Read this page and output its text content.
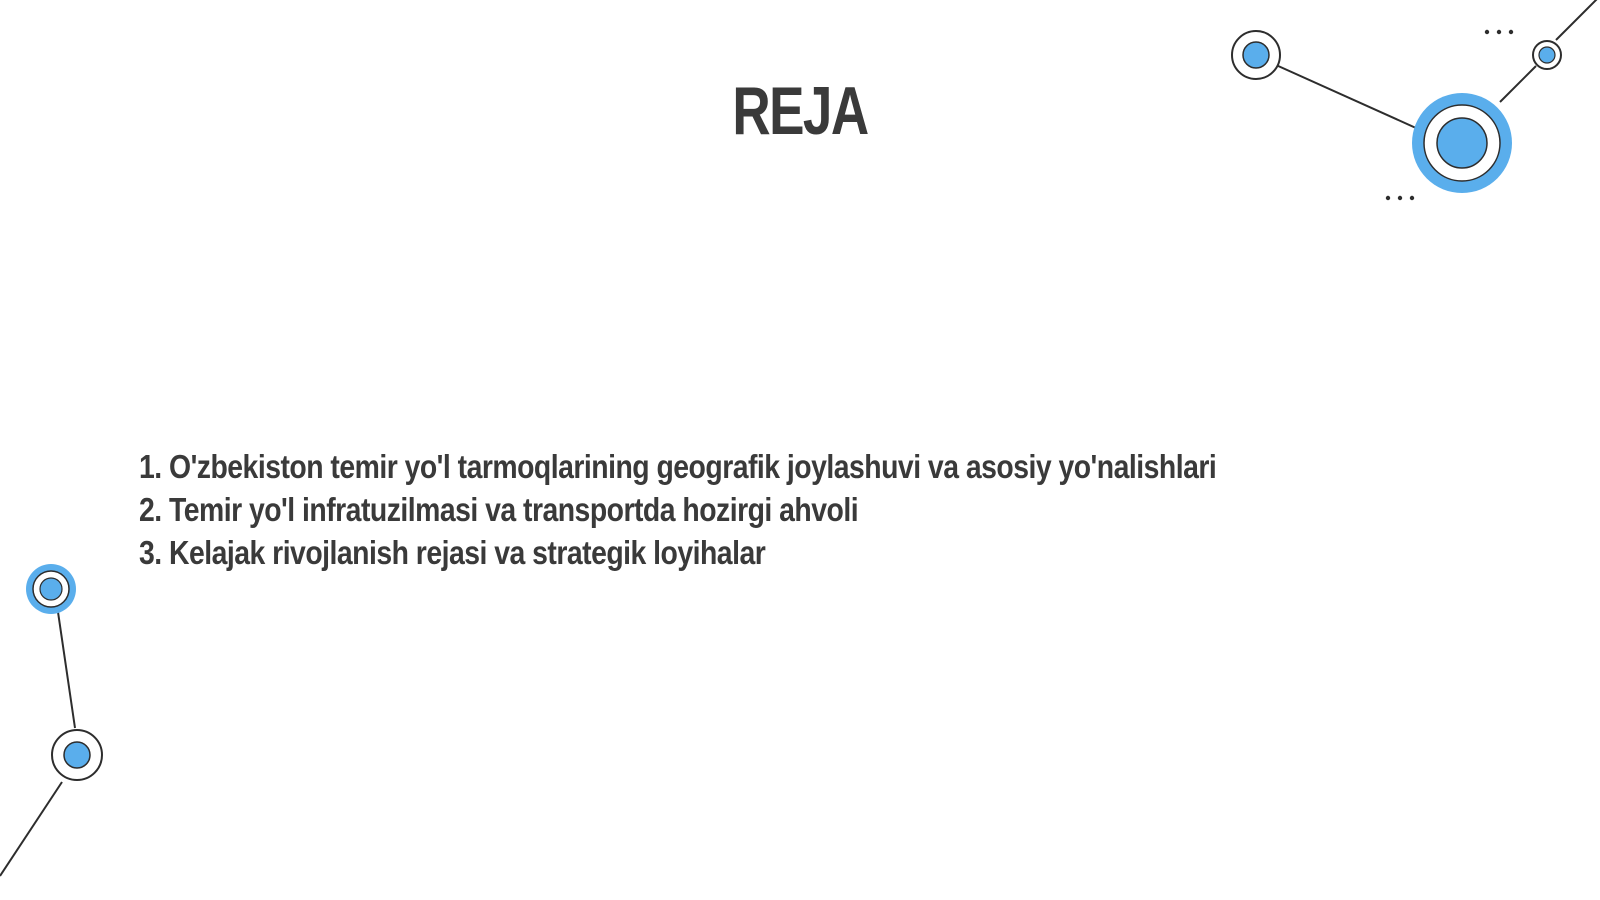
REJA
1. O'zbekiston temir yo'l tarmoqlarining geografik joylashuvi va asosiy yo'nalishlari
2. Temir yo'l infratuzilmasi va transportda hozirgi ahvoli
3. Kelajak rivojlanish rejasi va strategik loyihalar
